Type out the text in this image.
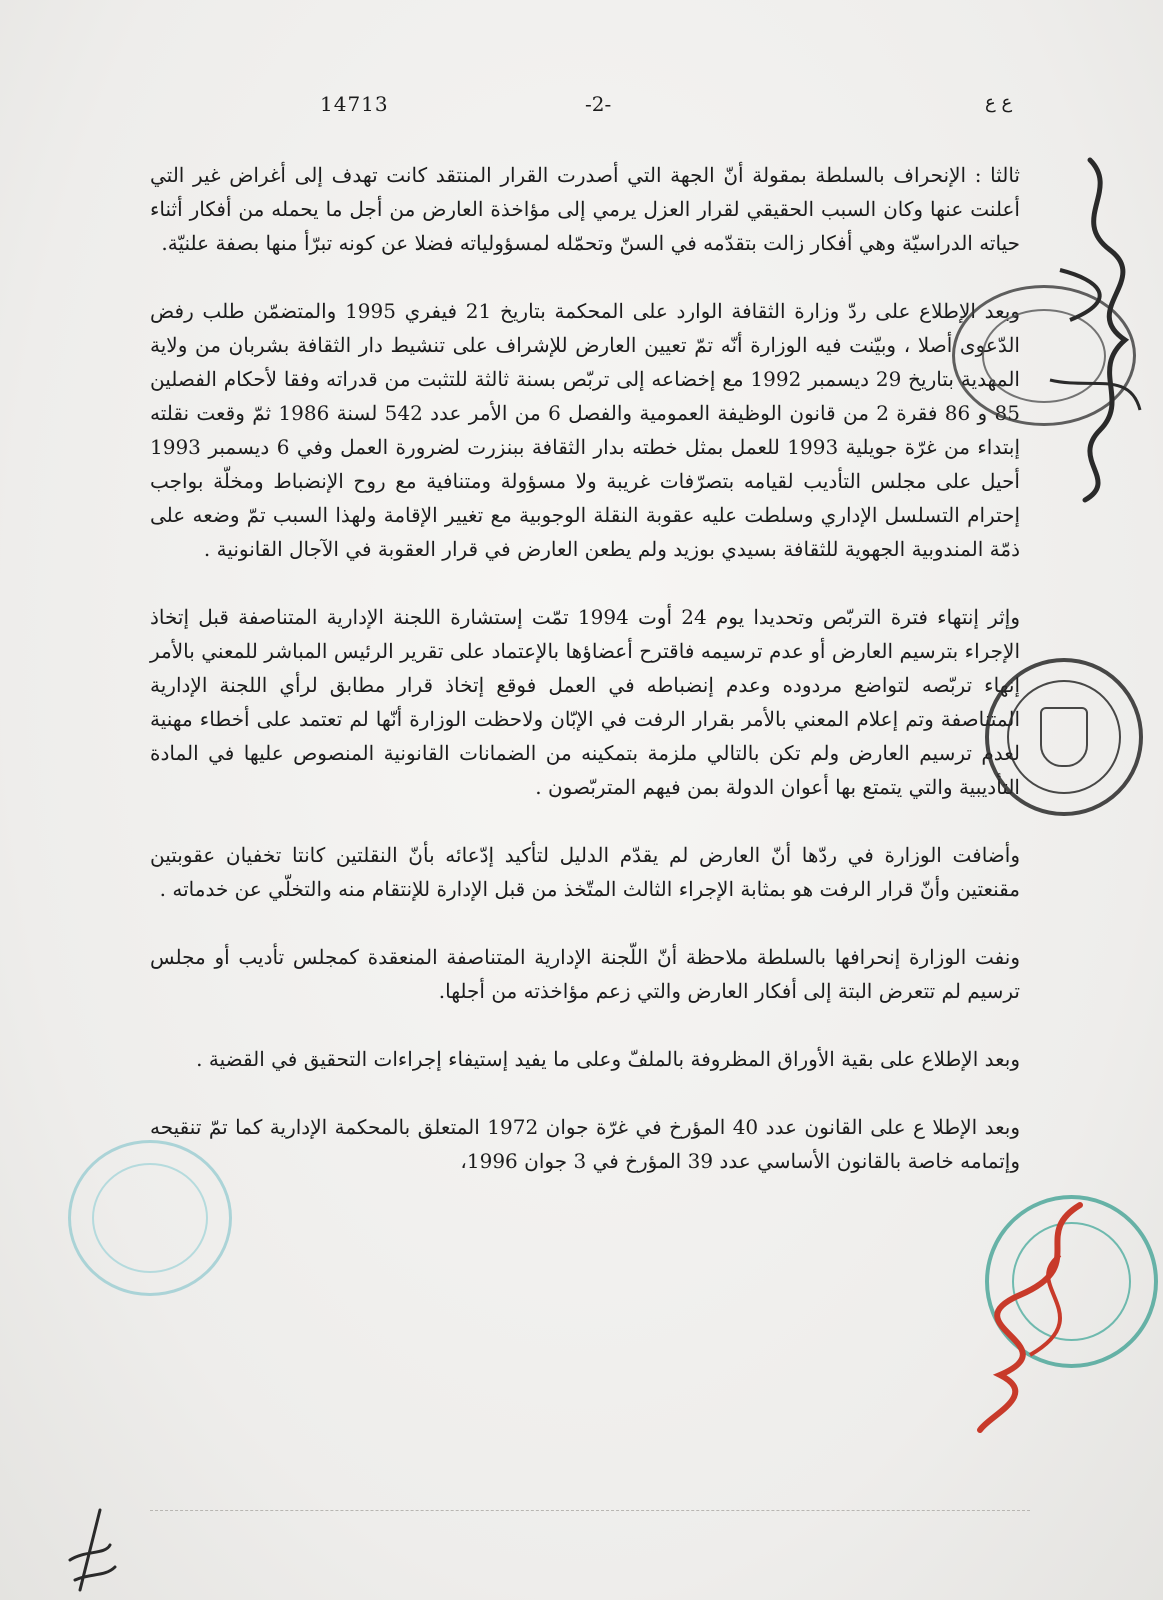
14713	-2-	ع ع

ثالثا : الإنحراف بالسلطة بمقولة أنّ الجهة التي أصدرت القرار المنتقد كانت تهدف إلى أغراض غير التي أعلنت عنها وكان السبب الحقيقي لقرار العزل يرمي إلى مؤاخذة العارض من أجل ما يحمله من أفكار أثناء حياته الدراسيّة وهي أفكار زالت بتقدّمه في السنّ وتحمّله لمسؤولياته فضلا عن كونه تبرّأ منها بصفة علنيّة.

وبعد الإطلاع على ردّ وزارة الثقافة الوارد على المحكمة بتاريخ 21 فيفري 1995 والمتضمّن طلب رفض الدّعوى أصلا ، وبيّنت فيه الوزارة أنّه تمّ تعيين العارض للإشراف على تنشيط دار الثقافة بشربان من ولاية المهدية بتاريخ 29 ديسمبر 1992 مع إخضاعه إلى تربّص بسنة ثالثة للتثبت من قدراته وفقا لأحكام الفصلين 85 و 86 فقرة 2 من قانون الوظيفة العمومية والفصل 6 من الأمر عدد 542 لسنة 1986 ثمّ وقعت نقلته إبتداء من غرّة جويلية 1993 للعمل بمثل خطته بدار الثقافة ببنزرت لضرورة العمل وفي 6 ديسمبر 1993 أحيل على مجلس التأديب لقيامه بتصرّفات غريبة ولا مسؤولة ومتنافية مع روح الإنضباط ومخلّة بواجب إحترام التسلسل الإداري وسلطت عليه عقوبة النقلة الوجوبية مع تغيير الإقامة ولهذا السبب تمّ وضعه على ذمّة المندوبية الجهوية للثقافة بسيدي بوزيد ولم يطعن العارض في قرار العقوبة في الآجال القانونية .

وإثر إنتهاء فترة التربّص وتحديدا يوم 24 أوت 1994 تمّت إستشارة اللجنة الإدارية المتناصفة قبل إتخاذ الإجراء بترسيم العارض أو عدم ترسيمه فاقترح أعضاؤها بالإعتماد على تقرير الرئيس المباشر للمعني بالأمر إنهاء تربّصه لتواضع مردوده وعدم إنضباطه في العمل فوقع إتخاذ قرار مطابق لرأي اللجنة الإدارية المتناصفة وتم إعلام المعني بالأمر بقرار الرفت في الإبّان ولاحظت الوزارة أنّها لم تعتمد على أخطاء مهنية لعدم ترسيم العارض ولم تكن بالتالي ملزمة بتمكينه من الضمانات القانونية المنصوص عليها في المادة التأديبية والتي يتمتع بها أعوان الدولة بمن فيهم المتربّصون .

وأضافت الوزارة في ردّها أنّ العارض لم يقدّم الدليل لتأكيد إدّعائه بأنّ النقلتين كانتا تخفيان عقوبتين مقنعتين وأنّ قرار الرفت هو بمثابة الإجراء الثالث المتّخذ من قبل الإدارة للإنتقام منه والتخلّي عن خدماته .

ونفت الوزارة إنحرافها بالسلطة ملاحظة أنّ اللّجنة الإدارية المتناصفة المنعقدة كمجلس تأديب أو مجلس ترسيم لم تتعرض البتة إلى أفكار العارض والتي زعم مؤاخذته من أجلها.

وبعد الإطلاع على بقية الأوراق المظروفة بالملفّ وعلى ما يفيد إستيفاء إجراءات التحقيق في القضية .

وبعد الإطلا ع على القانون عدد 40 المؤرخ في غرّة جوان 1972 المتعلق بالمحكمة الإدارية كما تمّ تنقيحه وإتمامه خاصة بالقانون الأساسي عدد 39 المؤرخ في 3 جوان 1996،
